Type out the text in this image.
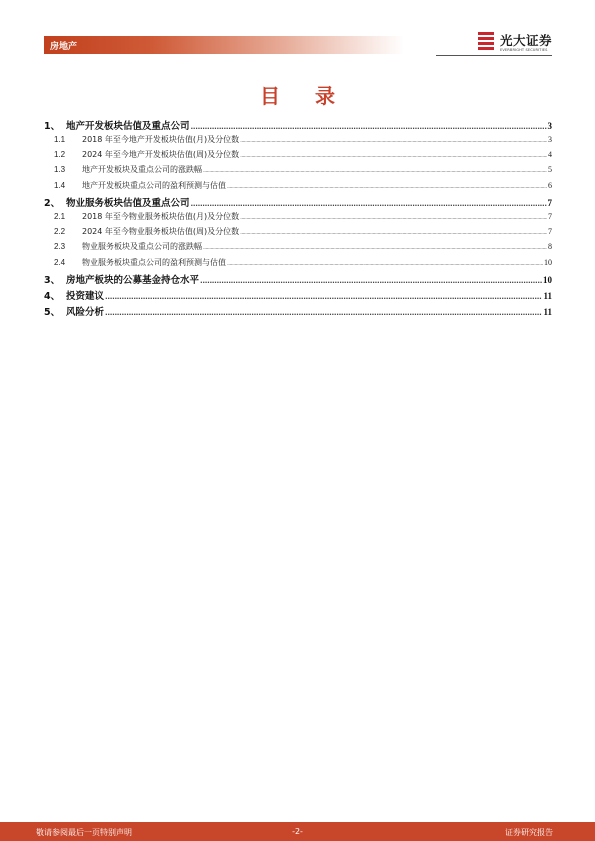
房地产	光大证券
EVERBRIGHT SECURITIES
目 录
1、 地产开发板块估值及重点公司 .....	3
1.1	2018 年至今地产开发板块估值(月)及分位数 .....	3
1.2	2024 年至今地产开发板块估值(周)及分位数 .....	4
1.3	地产开发板块及重点公司的涨跌幅 .....	5
1.4	地产开发板块重点公司的盈利预测与估值 .....	6
2、 物业服务板块估值及重点公司 .....	7
2.1	2018 年至今物业服务板块估值(月)及分位数 .....	7
2.2	2024 年至今物业服务板块估值(周)及分位数 .....	7
2.3	物业服务板块及重点公司的涨跌幅 .....	8
2.4	物业服务板块重点公司的盈利预测与估值 .....	10
3、 房地产板块的公募基金持仓水平 .....	10
4、 投资建议 .....	11
5、 风险分析 .....	11
-2-
敬请参阅最后一页特别声明	证券研究报告
